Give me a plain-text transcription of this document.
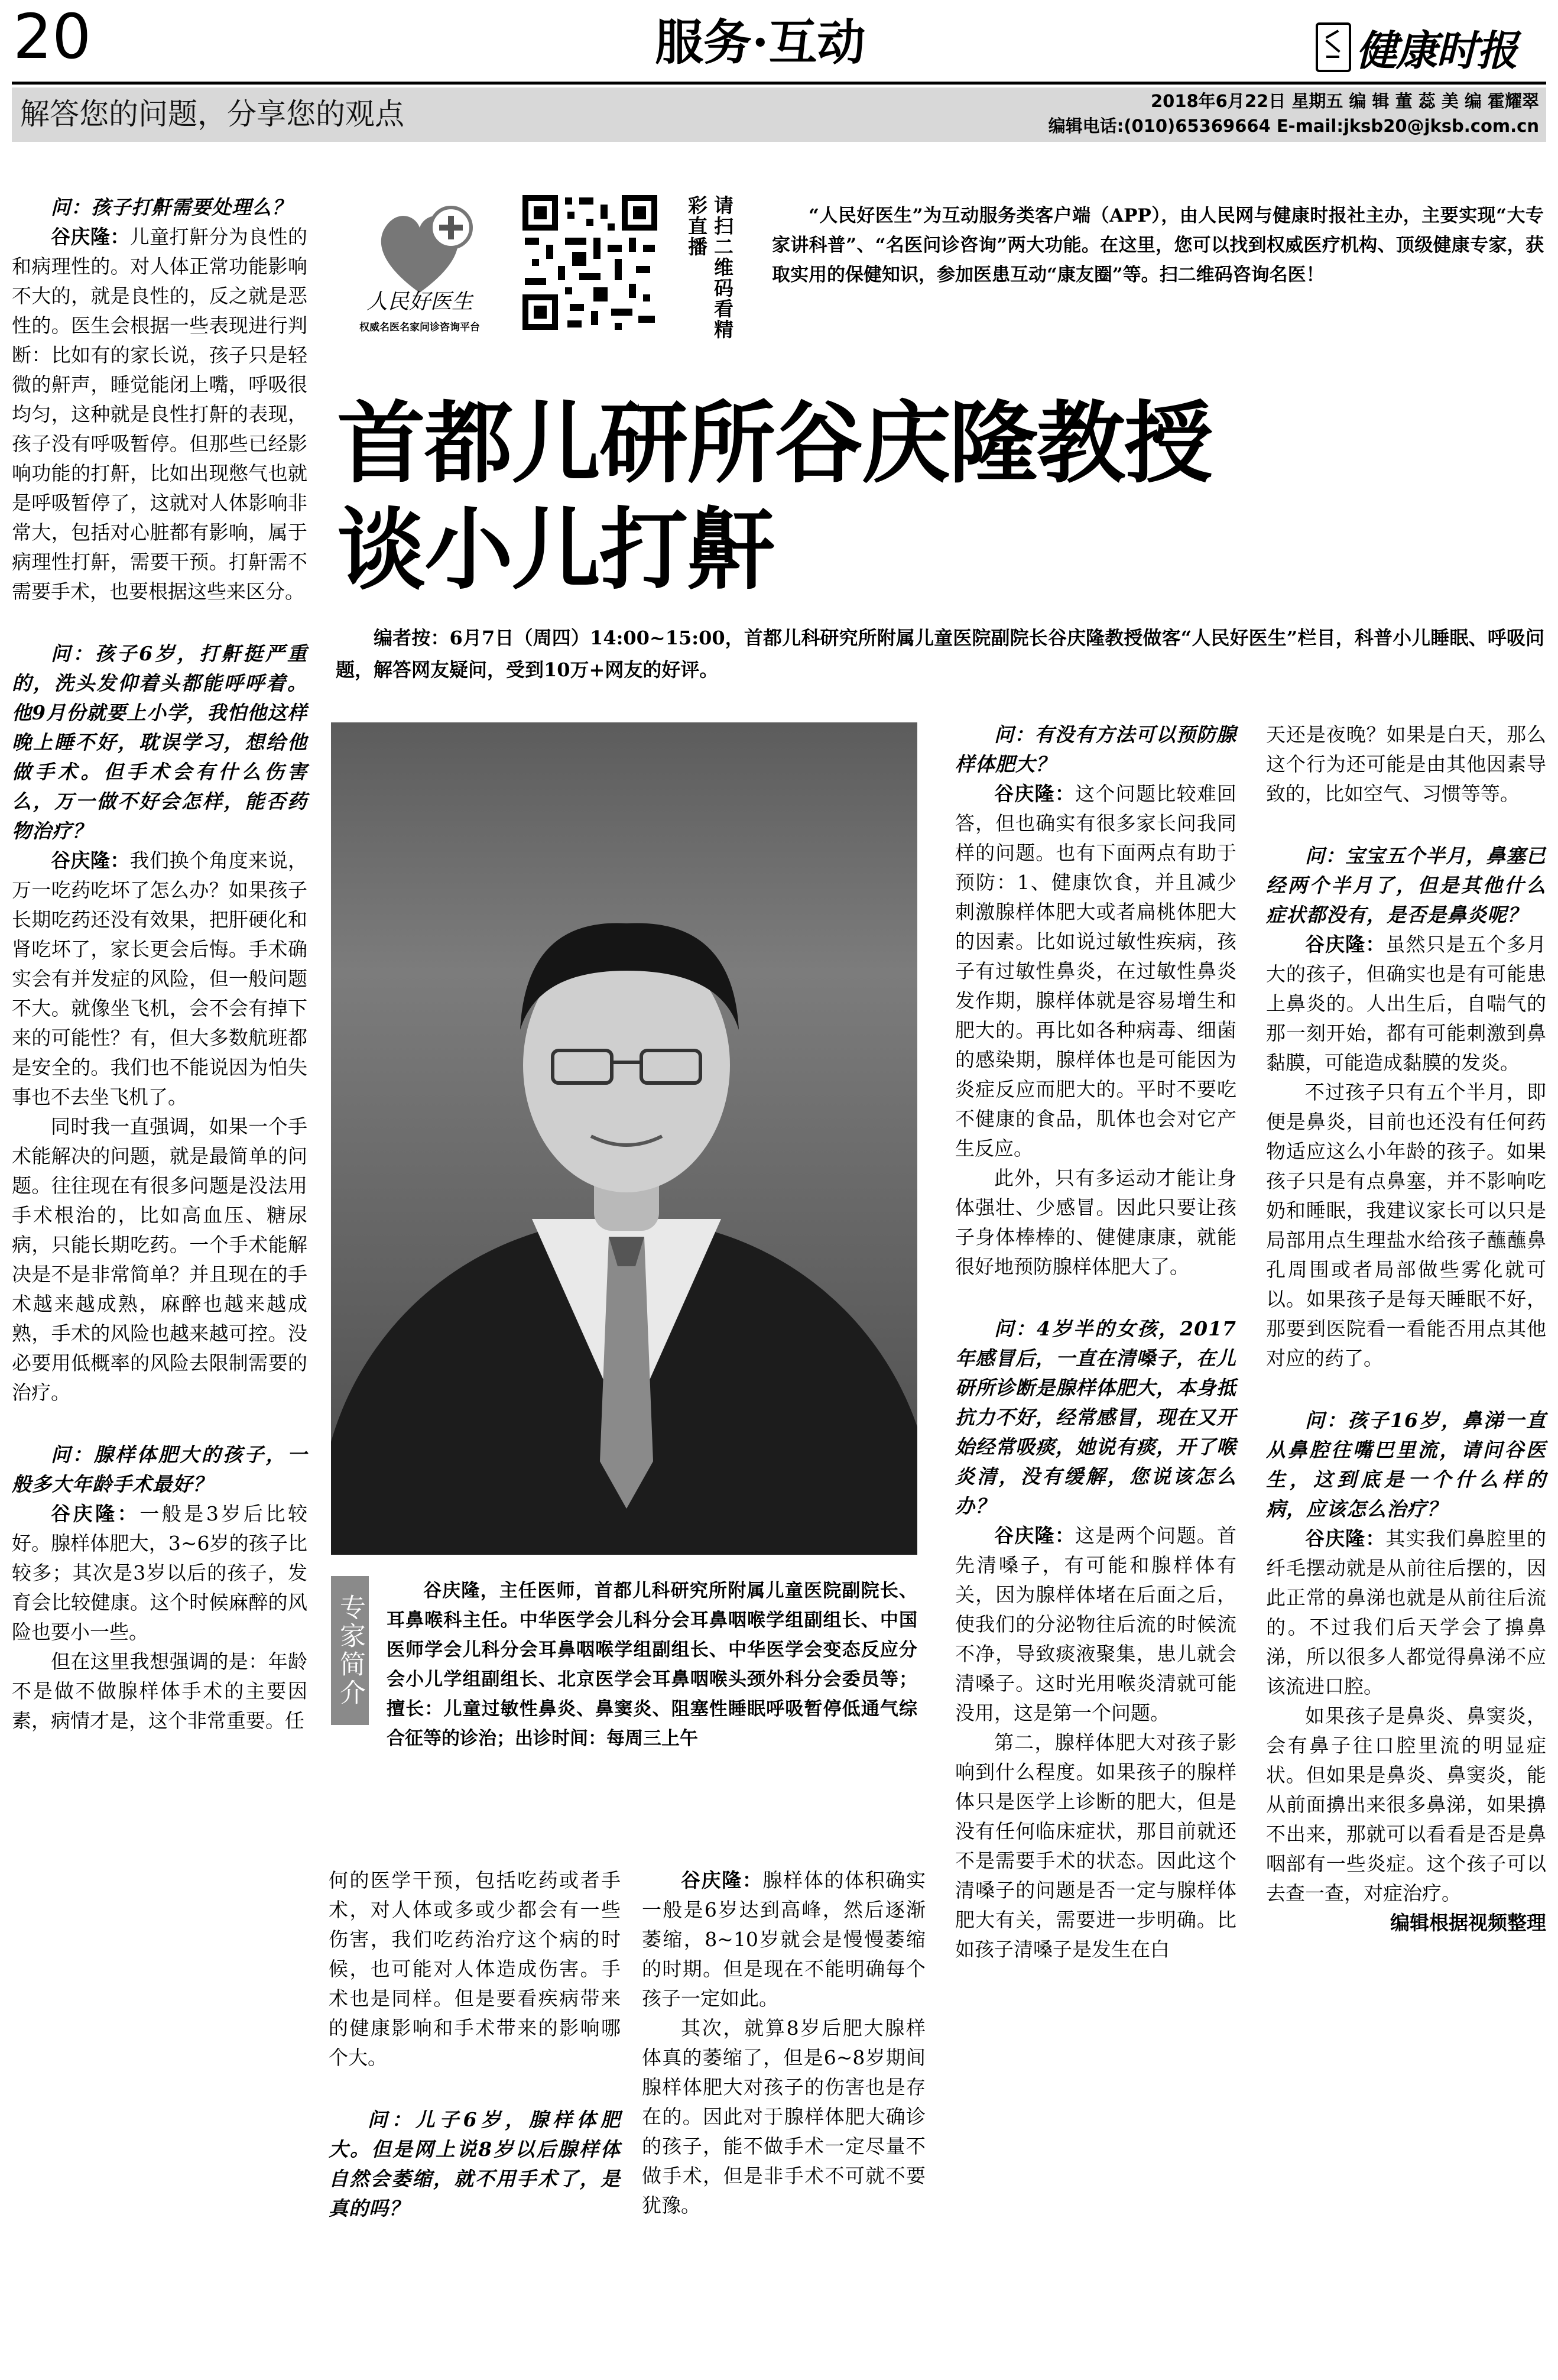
20	服务·互动	健康时报
解答您的问题，分享您的观点	2018年6月22日 星期五 编 辑 董 蕊 美 编 霍耀翠
编辑电话:(010)65369664 E-mail:jksb20@jksb.com.cn
人民好医生
权威名医名家问诊咨询平台	请扫二维码看精彩直播	“人民好医生”为互动服务类客户端（APP），由人民网与健康时报社主办，主要实现“大专家讲科普”、“名医问诊咨询”两大功能。在这里，您可以找到权威医疗机构、顶级健康专家，获取实用的保健知识，参加医患互动“康友圈”等。扫二维码咨询名医！
首都儿研所谷庆隆教授
谈小儿打鼾
编者按：6月7日（周四）14:00~15:00，首都儿科研究所附属儿童医院副院长谷庆隆教授做客“人民好医生”栏目，科普小儿睡眠、呼吸问题，解答网友疑问，受到10万+网友的好评。
专家简介
谷庆隆，主任医师，首都儿科研究所附属儿童医院副院长、耳鼻喉科主任。中华医学会儿科分会耳鼻咽喉学组副组长、中国医师学会儿科分会耳鼻咽喉学组副组长、中华医学会变态反应分会小儿学组副组长、北京医学会耳鼻咽喉头颈外科分会委员等；擅长：儿童过敏性鼻炎、鼻窦炎、阻塞性睡眠呼吸暂停低通气综合征等的诊治；出诊时间：每周三上午

问：孩子打鼾需要处理么？

谷庆隆：儿童打鼾分为良性的和病理性的。对人体正常功能影响不大的，就是良性的，反之就是恶性的。医生会根据一些表现进行判断：比如有的家长说，孩子只是轻微的鼾声，睡觉能闭上嘴，呼吸很均匀，这种就是良性打鼾的表现，孩子没有呼吸暂停。但那些已经影响功能的打鼾，比如出现憋气也就是呼吸暂停了，这就对人体影响非常大，包括对心脏都有影响，属于病理性打鼾，需要干预。打鼾需不需要手术，也要根据这些来区分。

问：孩子6岁，打鼾挺严重的，洗头发仰着头都能呼呼着。他9月份就要上小学，我怕他这样晚上睡不好，耽误学习，想给他做手术。但手术会有什么伤害么，万一做不好会怎样，能否药物治疗？

谷庆隆：我们换个角度来说，万一吃药吃坏了怎么办？如果孩子长期吃药还没有效果，把肝硬化和肾吃坏了，家长更会后悔。手术确实会有并发症的风险，但一般问题不大。就像坐飞机，会不会有掉下来的可能性？有，但大多数航班都是安全的。我们也不能说因为怕失事也不去坐飞机了。

同时我一直强调，如果一个手术能解决的问题，就是最简单的问题。往往现在有很多问题是没法用手术根治的，比如高血压、糖尿病，只能长期吃药。一个手术能解决是不是非常简单？并且现在的手术越来越成熟，麻醉也越来越成熟，手术的风险也越来越可控。没必要用低概率的风险去限制需要的治疗。

问：腺样体肥大的孩子，一般多大年龄手术最好？

谷庆隆：一般是3岁后比较好。腺样体肥大，3~6岁的孩子比较多；其次是3岁以后的孩子，发育会比较健康。这个时候麻醉的风险也要小一些。

但在这里我想强调的是：年龄不是做不做腺样体手术的主要因素，病情才是，这个非常重要。任

何的医学干预，包括吃药或者手术，对人体或多或少都会有一些伤害，我们吃药治疗这个病的时候，也可能对人体造成伤害。手术也是同样。但是要看疾病带来的健康影响和手术带来的影响哪个大。

问：儿子6岁，腺样体肥大。但是网上说8岁以后腺样体自然会萎缩，就不用手术了，是真的吗？

谷庆隆：腺样体的体积确实一般是6岁达到高峰，然后逐渐萎缩，8~10岁就会是慢慢萎缩的时期。但是现在不能明确每个孩子一定如此。

其次，就算8岁后肥大腺样体真的萎缩了，但是6~8岁期间腺样体肥大对孩子的伤害也是存在的。因此对于腺样体肥大确诊的孩子，能不做手术一定尽量不做手术，但是非手术不可就不要犹豫。

问：有没有方法可以预防腺样体肥大？

谷庆隆：这个问题比较难回答，但也确实有很多家长问我同样的问题。也有下面两点有助于预防：1、健康饮食，并且减少刺激腺样体肥大或者扁桃体肥大的因素。比如说过敏性疾病，孩子有过敏性鼻炎，在过敏性鼻炎发作期，腺样体就是容易增生和肥大的。再比如各种病毒、细菌的感染期，腺样体也是可能因为炎症反应而肥大的。平时不要吃不健康的食品，肌体也会对它产生反应。

此外，只有多运动才能让身体强壮、少感冒。因此只要让孩子身体棒棒的、健健康康，就能很好地预防腺样体肥大了。

问：4岁半的女孩，2017年感冒后，一直在清嗓子，在儿研所诊断是腺样体肥大，本身抵抗力不好，经常感冒，现在又开始经常吸痰，她说有痰，开了喉炎清，没有缓解，您说该怎么办？

谷庆隆：这是两个问题。首先清嗓子，有可能和腺样体有关，因为腺样体堵在后面之后，使我们的分泌物往后流的时候流不净，导致痰液聚集，患儿就会清嗓子。这时光用喉炎清就可能没用，这是第一个问题。

第二，腺样体肥大对孩子影响到什么程度。如果孩子的腺样体只是医学上诊断的肥大，但是没有任何临床症状，那目前就还不是需要手术的状态。因此这个清嗓子的问题是否一定与腺样体肥大有关，需要进一步明确。比如孩子清嗓子是发生在白

天还是夜晚？如果是白天，那么这个行为还可能是由其他因素导致的，比如空气、习惯等等。

问：宝宝五个半月，鼻塞已经两个半月了，但是其他什么症状都没有，是否是鼻炎呢？

谷庆隆：虽然只是五个多月大的孩子，但确实也是有可能患上鼻炎的。人出生后，自喘气的那一刻开始，都有可能刺激到鼻黏膜，可能造成黏膜的发炎。

不过孩子只有五个半月，即便是鼻炎，目前也还没有任何药物适应这么小年龄的孩子。如果孩子只是有点鼻塞，并不影响吃奶和睡眠，我建议家长可以只是局部用点生理盐水给孩子蘸蘸鼻孔周围或者局部做些雾化就可以。如果孩子是每天睡眠不好，那要到医院看一看能否用点其他对应的药了。

问：孩子16岁，鼻涕一直从鼻腔往嘴巴里流，请问谷医生，这到底是一个什么样的病，应该怎么治疗？

谷庆隆：其实我们鼻腔里的纤毛摆动就是从前往后摆的，因此正常的鼻涕也就是从前往后流的。不过我们后天学会了擤鼻涕，所以很多人都觉得鼻涕不应该流进口腔。

如果孩子是鼻炎、鼻窦炎，会有鼻子往口腔里流的明显症状。但如果是鼻炎、鼻窦炎，能从前面擤出来很多鼻涕，如果擤不出来，那就可以看看是否是鼻咽部有一些炎症。这个孩子可以去查一查，对症治疗。

编辑根据视频整理
